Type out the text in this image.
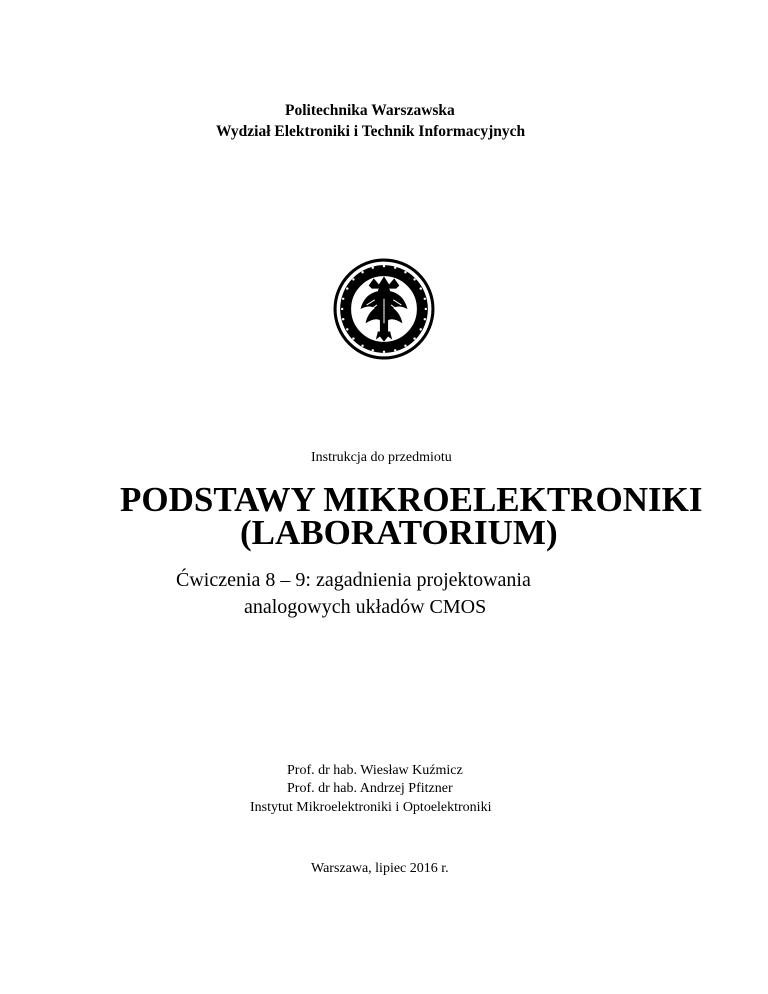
Politechnika Warszawska
Wydział Elektroniki i Technik Informacyjnych
Instrukcja do przedmiotu
PODSTAWY MIKROELEKTRONIKI
(LABORATORIUM)
Ćwiczenia 8 – 9: zagadnienia projektowania
analogowych układów CMOS
Prof. dr hab. Wiesław Kuźmicz
Prof. dr hab. Andrzej Pfitzner
Instytut Mikroelektroniki i Optoelektroniki
Warszawa, lipiec 2016 r.
